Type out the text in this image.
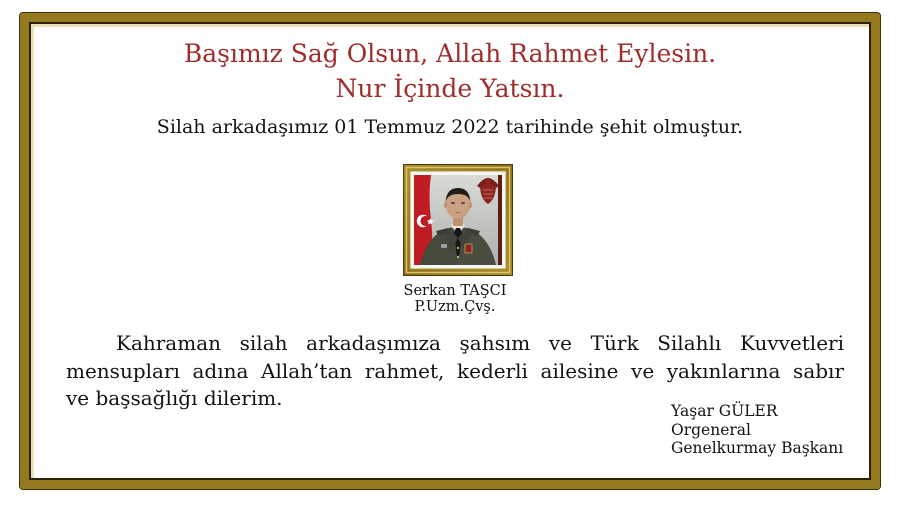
Başımız Sağ Olsun, Allah Rahmet Eylesin.
Nur İçinde Yatsın.
Silah arkadaşımız 01 Temmuz 2022 tarihinde şehit olmuştur.
Serkan TAŞCI
P.Uzm.Çvş.
Kahraman silah arkadaşımıza şahsım ve Türk Silahlı Kuvvetleri
mensupları adına Allah’tan rahmet, kederli ailesine ve yakınlarına sabır
ve başsağlığı dilerim.
Yaşar GÜLER
Orgeneral
Genelkurmay Başkanı
